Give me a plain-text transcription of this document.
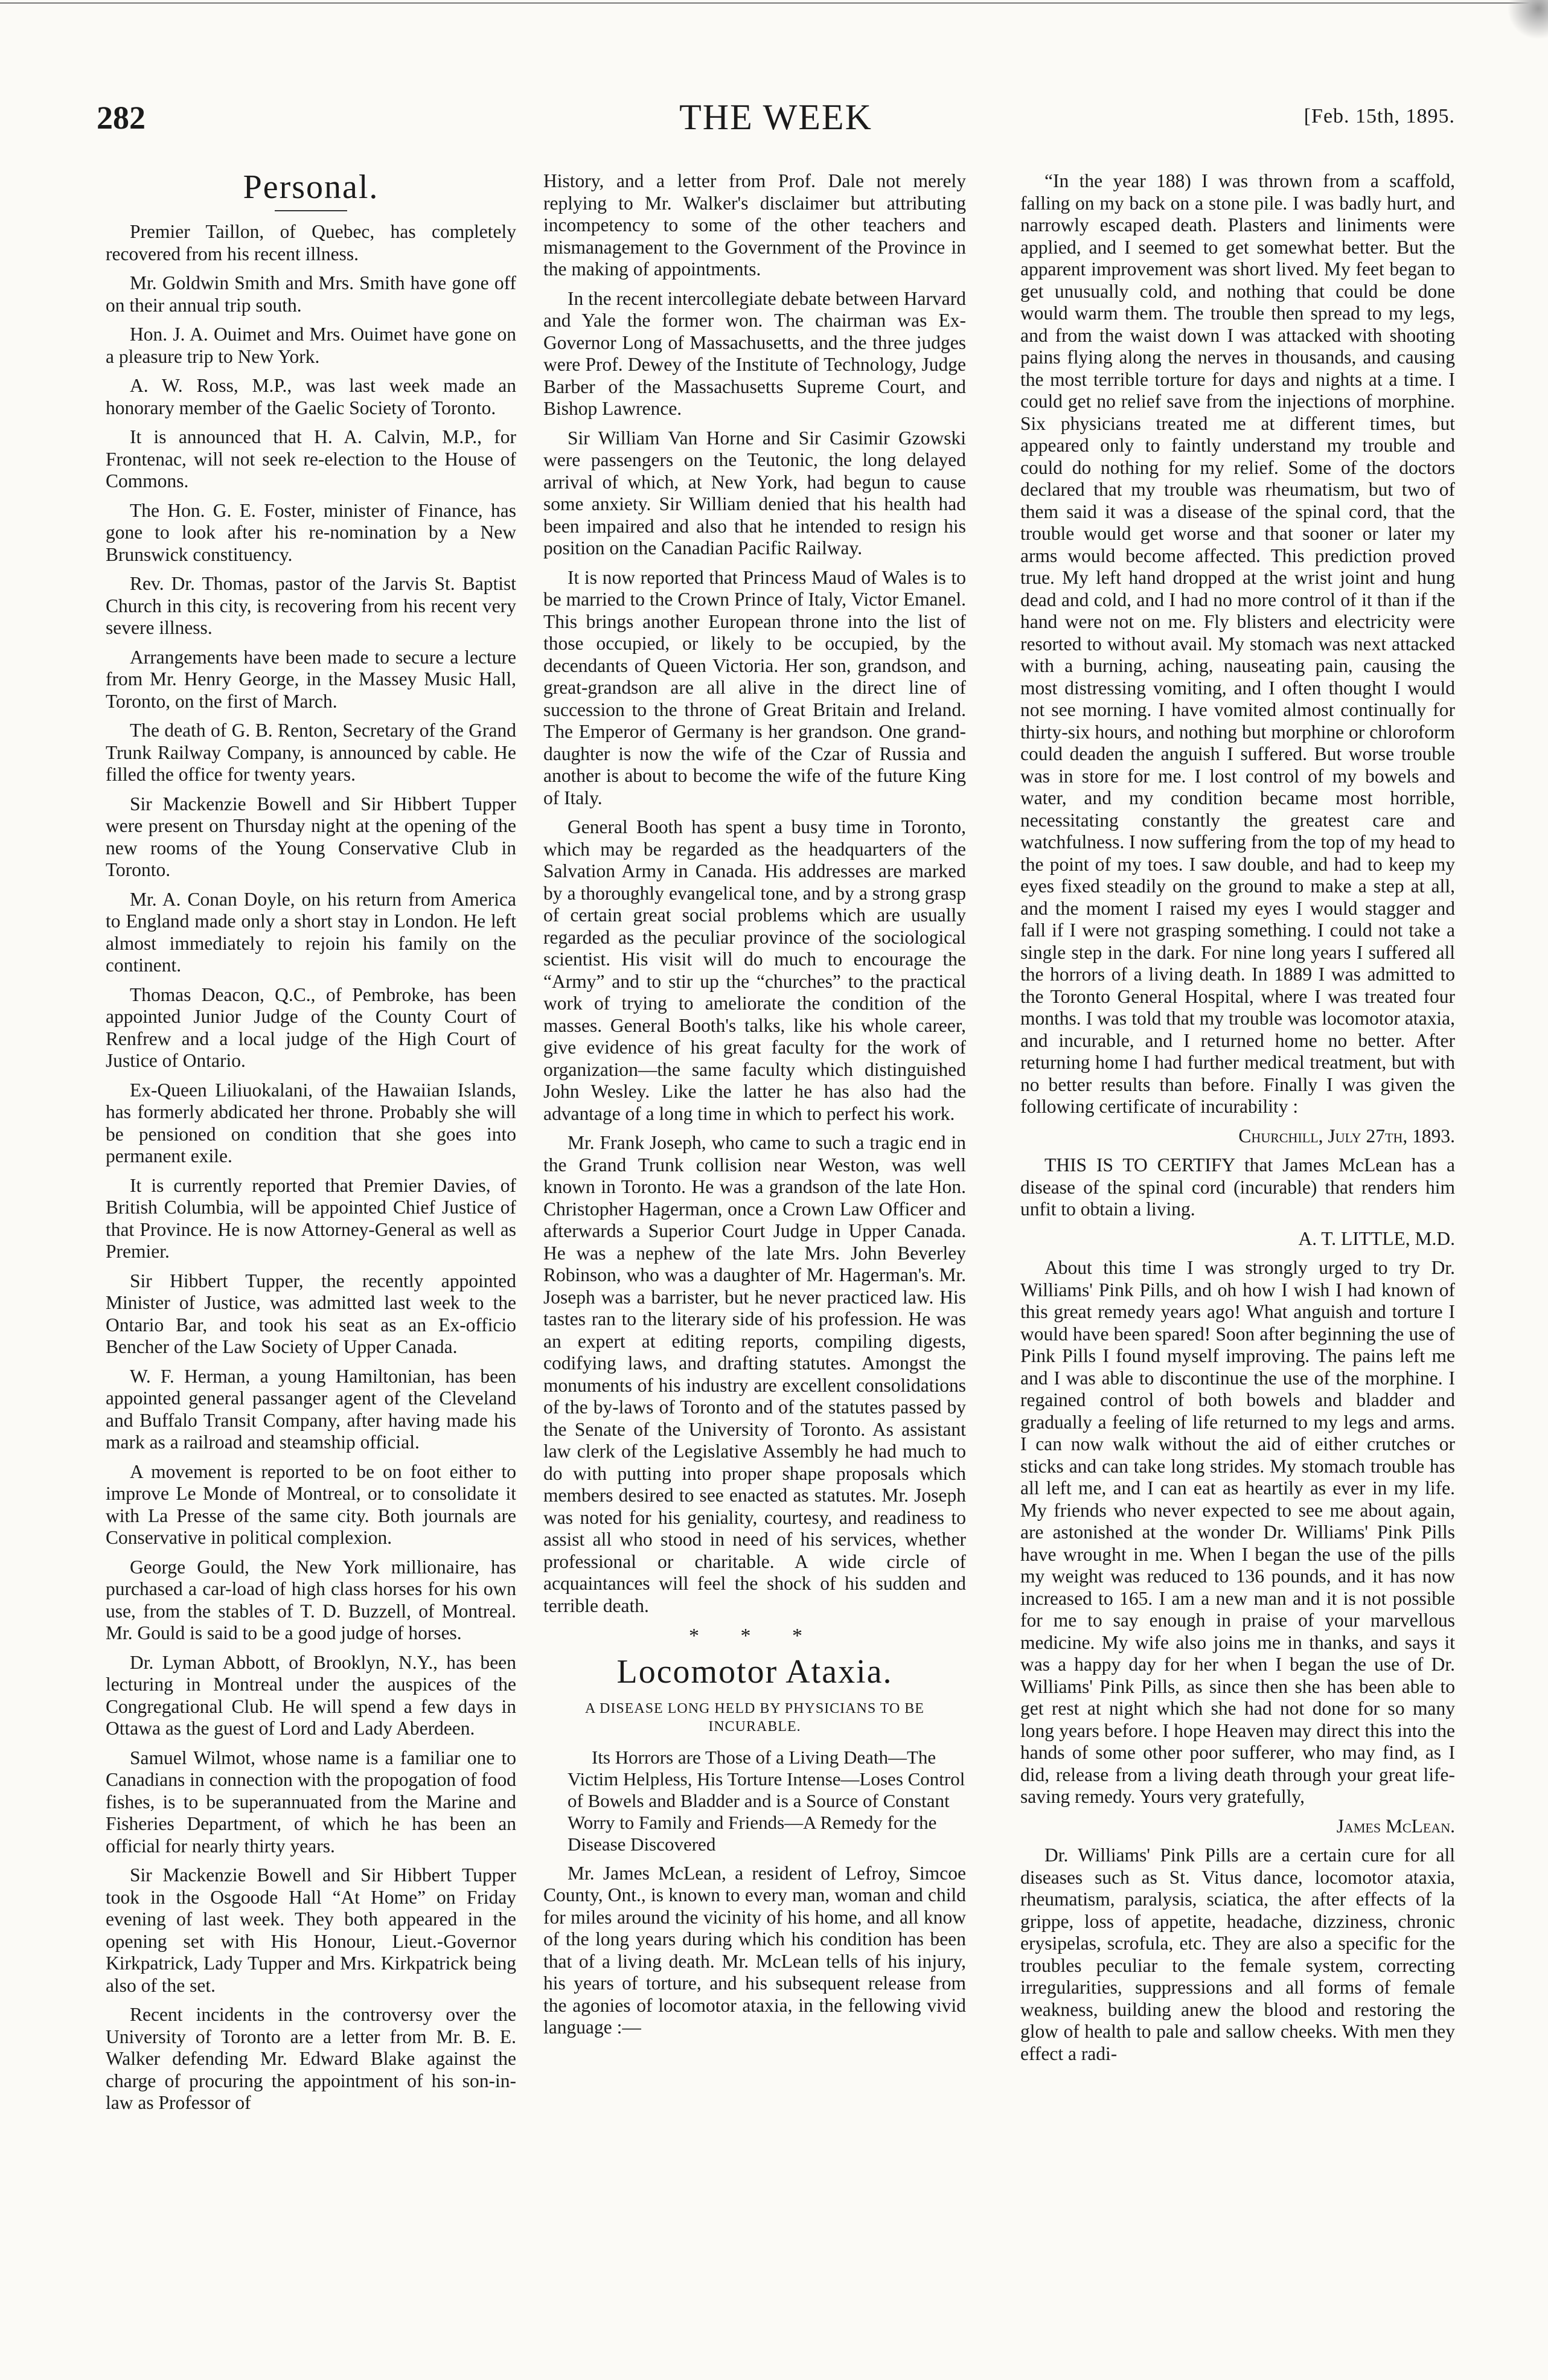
282	THE WEEK	[Feb. 15th, 1895.
Personal.

Premier Taillon, of Quebec, has completely recovered from his recent illness.

Mr. Goldwin Smith and Mrs. Smith have gone off on their annual trip south.

Hon. J. A. Ouimet and Mrs. Ouimet have gone on a pleasure trip to New York.

A. W. Ross, M.P., was last week made an honorary member of the Gaelic Society of Toronto.

It is announced that H. A. Calvin, M.P., for Frontenac, will not seek re-election to the House of Commons.

The Hon. G. E. Foster, minister of Finance, has gone to look after his re-nomination by a New Brunswick constituency.

Rev. Dr. Thomas, pastor of the Jarvis St. Baptist Church in this city, is recovering from his recent very severe illness.

Arrangements have been made to secure a lecture from Mr. Henry George, in the Massey Music Hall, Toronto, on the first of March.

The death of G. B. Renton, Secretary of the Grand Trunk Railway Company, is announced by cable. He filled the office for twenty years.

Sir Mackenzie Bowell and Sir Hibbert Tupper were present on Thursday night at the opening of the new rooms of the Young Conservative Club in Toronto.

Mr. A. Conan Doyle, on his return from America to England made only a short stay in London. He left almost immediately to rejoin his family on the continent.

Thomas Deacon, Q.C., of Pembroke, has been appointed Junior Judge of the County Court of Renfrew and a local judge of the High Court of Justice of Ontario.

Ex-Queen Liliuokalani, of the Hawaiian Islands, has formerly abdicated her throne. Probably she will be pensioned on condition that she goes into permanent exile.

It is currently reported that Premier Davies, of British Columbia, will be appointed Chief Justice of that Province. He is now Attorney-General as well as Premier.

Sir Hibbert Tupper, the recently appointed Minister of Justice, was admitted last week to the Ontario Bar, and took his seat as an Ex-officio Bencher of the Law Society of Upper Canada.

W. F. Herman, a young Hamiltonian, has been appointed general passanger agent of the Cleveland and Buffalo Transit Company, after having made his mark as a railroad and steamship official.

A movement is reported to be on foot either to improve Le Monde of Montreal, or to consolidate it with La Presse of the same city. Both journals are Conservative in political complexion.

George Gould, the New York millionaire, has purchased a car-load of high class horses for his own use, from the stables of T. D. Buzzell, of Montreal. Mr. Gould is said to be a good judge of horses.

Dr. Lyman Abbott, of Brooklyn, N.Y., has been lecturing in Montreal under the auspices of the Congregational Club. He will spend a few days in Ottawa as the guest of Lord and Lady Aberdeen.

Samuel Wilmot, whose name is a familiar one to Canadians in connection with the propogation of food fishes, is to be superannuated from the Marine and Fisheries Department, of which he has been an official for nearly thirty years.

Sir Mackenzie Bowell and Sir Hibbert Tupper took in the Osgoode Hall “At Home” on Friday evening of last week. They both appeared in the opening set with His Honour, Lieut.-Governor Kirkpatrick, Lady Tupper and Mrs. Kirkpatrick being also of the set.

Recent incidents in the controversy over the University of Toronto are a letter from Mr. B. E. Walker defending Mr. Edward Blake against the charge of procuring the appointment of his son-in-law as Professor of

History, and a letter from Prof. Dale not merely replying to Mr. Walker's disclaimer but attributing incompetency to some of the other teachers and mismanagement to the Government of the Province in the making of appointments.

In the recent intercollegiate debate between Harvard and Yale the former won. The chairman was Ex-Governor Long of Massachusetts, and the three judges were Prof. Dewey of the Institute of Technology, Judge Barber of the Massachusetts Supreme Court, and Bishop Lawrence.

Sir William Van Horne and Sir Casimir Gzowski were passengers on the Teutonic, the long delayed arrival of which, at New York, had begun to cause some anxiety. Sir William denied that his health had been impaired and also that he intended to resign his position on the Canadian Pacific Railway.

It is now reported that Princess Maud of Wales is to be married to the Crown Prince of Italy, Victor Emanel. This brings another European throne into the list of those occupied, or likely to be occupied, by the decendants of Queen Victoria. Her son, grandson, and great-grandson are all alive in the direct line of succession to the throne of Great Britain and Ireland. The Emperor of Germany is her grandson. One grand-daughter is now the wife of the Czar of Russia and another is about to become the wife of the future King of Italy.

General Booth has spent a busy time in Toronto, which may be regarded as the headquarters of the Salvation Army in Canada. His addresses are marked by a thoroughly evangelical tone, and by a strong grasp of certain great social problems which are usually regarded as the peculiar province of the sociological scientist. His visit will do much to encourage the “Army” and to stir up the “churches” to the practical work of trying to ameliorate the condition of the masses. General Booth's talks, like his whole career, give evidence of his great faculty for the work of organization—the same faculty which distinguished John Wesley. Like the latter he has also had the advantage of a long time in which to perfect his work.

Mr. Frank Joseph, who came to such a tragic end in the Grand Trunk collision near Weston, was well known in Toronto. He was a grandson of the late Hon. Christopher Hagerman, once a Crown Law Officer and afterwards a Superior Court Judge in Upper Canada. He was a nephew of the late Mrs. John Beverley Robinson, who was a daughter of Mr. Hagerman's. Mr. Joseph was a barrister, but he never practiced law. His tastes ran to the literary side of his profession. He was an expert at editing reports, compiling digests, codifying laws, and drafting statutes. Amongst the monuments of his industry are excellent consolidations of the by-laws of Toronto and of the statutes passed by the Senate of the University of Toronto. As assistant law clerk of the Legislative Assembly he had much to do with putting into proper shape proposals which members desired to see enacted as statutes. Mr. Joseph was noted for his geniality, courtesy, and readiness to assist all who stood in need of his services, whether professional or charitable. A wide circle of acquaintances will feel the shock of his sudden and terrible death.

* * *
Locomotor Ataxia.
A DISEASE LONG HELD BY PHYSICIANS TO BE INCURABLE.

Its Horrors are Those of a Living Death—The Victim Helpless, His Torture Intense—Loses Control of Bowels and Bladder and is a Source of Constant Worry to Family and Friends—A Remedy for the Disease Discovered

Mr. James McLean, a resident of Lefroy, Simcoe County, Ont., is known to every man, woman and child for miles around the vicinity of his home, and all know of the long years during which his condition has been that of a living death. Mr. McLean tells of his injury, his years of torture, and his subsequent release from the agonies of locomotor ataxia, in the fellowing vivid language :—

“In the year 188) I was thrown from a scaffold, falling on my back on a stone pile. I was badly hurt, and narrowly escaped death. Plasters and liniments were applied, and I seemed to get somewhat better. But the apparent improvement was short lived. My feet began to get unusually cold, and nothing that could be done would warm them. The trouble then spread to my legs, and from the waist down I was attacked with shooting pains flying along the nerves in thousands, and causing the most terrible torture for days and nights at a time. I could get no relief save from the injections of morphine. Six physicians treated me at different times, but appeared only to faintly understand my trouble and could do nothing for my relief. Some of the doctors declared that my trouble was rheumatism, but two of them said it was a disease of the spinal cord, that the trouble would get worse and that sooner or later my arms would become affected. This prediction proved true. My left hand dropped at the wrist joint and hung dead and cold, and I had no more control of it than if the hand were not on me. Fly blisters and electricity were resorted to without avail. My stomach was next attacked with a burning, aching, nauseating pain, causing the most distressing vomiting, and I often thought I would not see morning. I have vomited almost continually for thirty-six hours, and nothing but morphine or chloroform could deaden the anguish I suffered. But worse trouble was in store for me. I lost control of my bowels and water, and my condition became most horrible, necessitating constantly the greatest care and watchfulness. I now suffering from the top of my head to the point of my toes. I saw double, and had to keep my eyes fixed steadily on the ground to make a step at all, and the moment I raised my eyes I would stagger and fall if I were not grasping something. I could not take a single step in the dark. For nine long years I suffered all the horrors of a living death. In 1889 I was admitted to the Toronto General Hospital, where I was treated four months. I was told that my trouble was locomotor ataxia, and incurable, and I returned home no better. After returning home I had further medical treatment, but with no better results than before. Finally I was given the following certificate of incurability :

Churchill, July 27th, 1893.

THIS IS TO CERTIFY that James McLean has a disease of the spinal cord (incurable) that renders him unfit to obtain a living.

A. T. LITTLE, M.D.

About this time I was strongly urged to try Dr. Williams' Pink Pills, and oh how I wish I had known of this great remedy years ago! What anguish and torture I would have been spared! Soon after beginning the use of Pink Pills I found myself improving. The pains left me and I was able to discontinue the use of the morphine. I regained control of both bowels and bladder and gradually a feeling of life returned to my legs and arms. I can now walk without the aid of either crutches or sticks and can take long strides. My stomach trouble has all left me, and I can eat as heartily as ever in my life. My friends who never expected to see me about again, are astonished at the wonder Dr. Williams' Pink Pills have wrought in me. When I began the use of the pills my weight was reduced to 136 pounds, and it has now increased to 165. I am a new man and it is not possible for me to say enough in praise of your marvellous medicine. My wife also joins me in thanks, and says it was a happy day for her when I began the use of Dr. Williams' Pink Pills, as since then she has been able to get rest at night which she had not done for so many long years before. I hope Heaven may direct this into the hands of some other poor sufferer, who may find, as I did, release from a living death through your great life-saving remedy. Yours very gratefully,

James McLean.

Dr. Williams' Pink Pills are a certain cure for all diseases such as St. Vitus dance, locomotor ataxia, rheumatism, paralysis, sciatica, the after effects of la grippe, loss of appetite, headache, dizziness, chronic erysipelas, scrofula, etc. They are also a specific for the troubles peculiar to the female system, correcting irregularities, suppressions and all forms of female weakness, building anew the blood and restoring the glow of health to pale and sallow cheeks. With men they effect a radi-
